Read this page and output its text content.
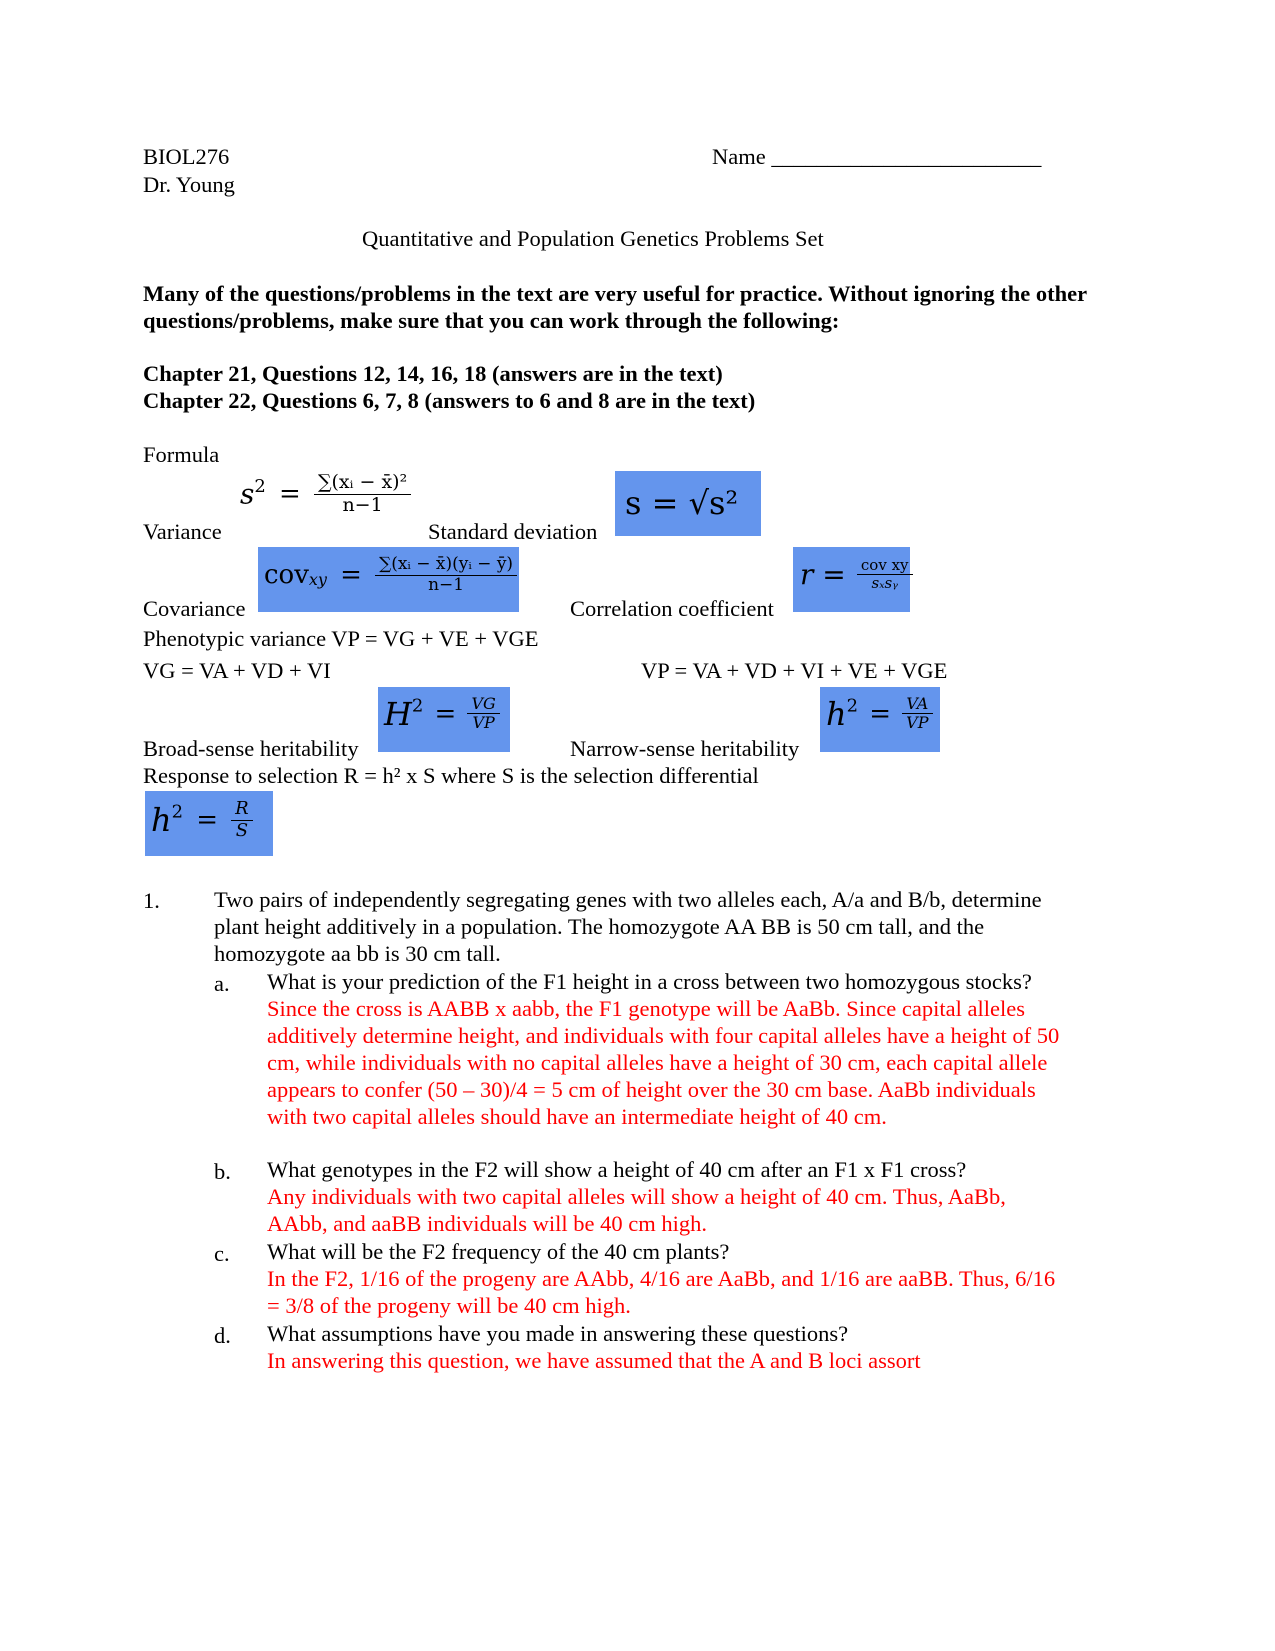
BIOL276
Dr. Young
Name ________________________
Quantitative and Population Genetics Problems Set
Many of the questions/problems in the text are very useful for practice. Without ignoring the other questions/problems, make sure that you can work through the following:
Chapter 21, Questions 12, 14, 16, 18 (answers are in the text)
Chapter 22, Questions 6, 7, 8 (answers to 6 and 8 are in the text)
Formula
Variance
$s^2 = \frac{\text{∑(xᵢ − x̄)²}}{n-1}$
Standard deviation
s = √s²
Covariance
$cov_{xy} = \frac{\text{∑(xᵢ − x̄)(yᵢ − ȳ)}}{n-1}$
Correlation coefficient
$r = \frac{\text{cov xy}}{\text{sₓsᵧ}}$
Phenotypic variance VP = VG + VE + VGE
VG = VA + VD + VI	VP = VA + VD + VI + VE + VGE
Broad-sense heritability
$H^2 = \frac{VG}{VP}$
Narrow-sense heritability
$h^2 = \frac{VA}{VP}$
Response to selection R = h² x S where S is the selection differential
$h^2 = \frac{R}{S}$
1. Two pairs of independently segregating genes with two alleles each, A/a and B/b, determine plant height additively in a population. The homozygote AA BB is 50 cm tall, and the homozygote aa bb is 30 cm tall.
a. What is your prediction of the F1 height in a cross between two homozygous stocks?
Since the cross is AABB x aabb, the F1 genotype will be AaBb. Since capital alleles additively determine height, and individuals with four capital alleles have a height of 50 cm, while individuals with no capital alleles have a height of 30 cm, each capital allele appears to confer (50 – 30)/4 = 5 cm of height over the 30 cm base. AaBb individuals with two capital alleles should have an intermediate height of 40 cm.
b. What genotypes in the F2 will show a height of 40 cm after an F1 x F1 cross?
Any individuals with two capital alleles will show a height of 40 cm. Thus, AaBb, AAbb, and aaBB individuals will be 40 cm high.
c. What will be the F2 frequency of the 40 cm plants?
In the F2, 1/16 of the progeny are AAbb, 4/16 are AaBb, and 1/16 are aaBB. Thus, 6/16 = 3/8 of the progeny will be 40 cm high.
d. What assumptions have you made in answering these questions?
In answering this question, we have assumed that the A and B loci assort
